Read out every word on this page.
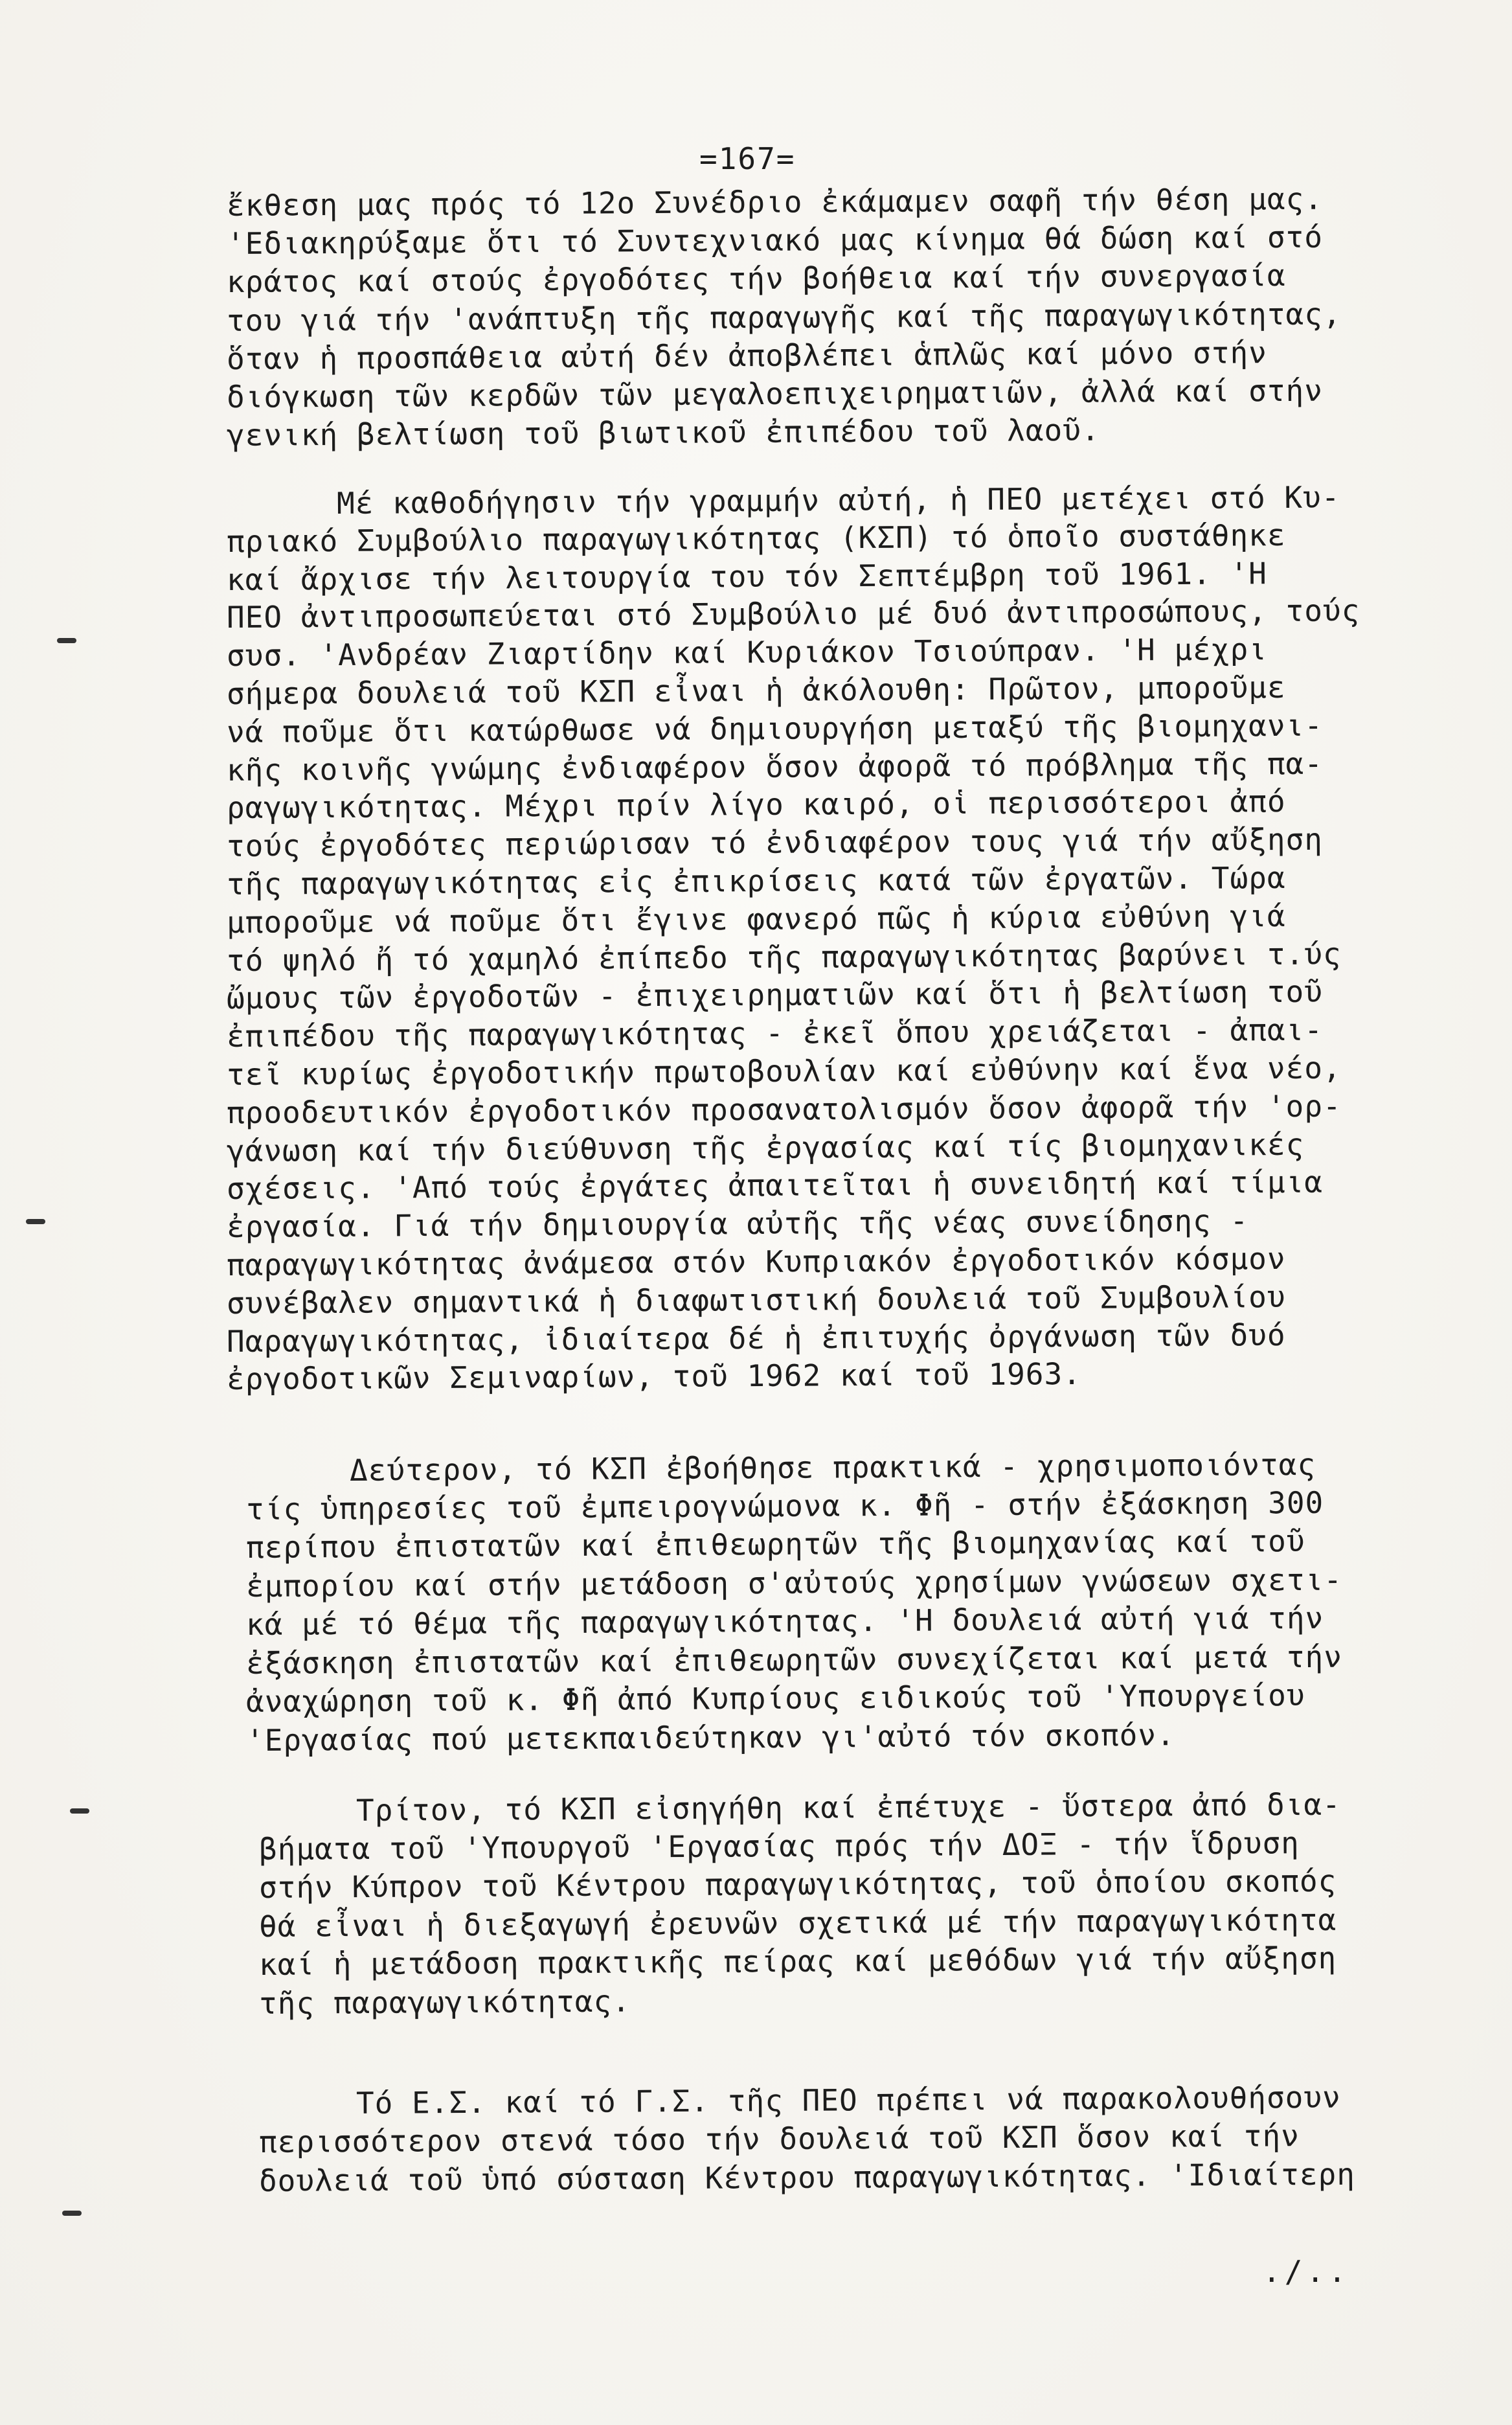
=167=
ἔκθεση μας πρός τό 12ο Συνέδριο ἐκάμαμεν σαφῆ τήν θέση μας.
'Εδιακηρύξαμε ὅτι τό Συντεχνιακό μας κίνημα θά δώση καί στό
κράτος καί στούς ἐργοδότες τήν βοήθεια καί τήν συνεργασία
του γιά τήν 'ανάπτυξη τῆς παραγωγῆς καί τῆς παραγωγικότητας,
ὅταν ἡ προσπάθεια αὐτή δέν ἀποβλέπει ἁπλῶς καί μόνο στήν
διόγκωση τῶν κερδῶν τῶν μεγαλοεπιχειρηματιῶν, ἀλλά καί στήν
γενική βελτίωση τοῦ βιωτικοῦ ἐπιπέδου τοῦ λαοῦ.
Μέ καθοδήγησιν τήν γραμμήν αὐτή, ἡ ΠΕΟ μετέχει στό Κυ-
πριακό Συμβούλιο παραγωγικότητας (ΚΣΠ) τό ὁποῖο συστάθηκε
καί ἄρχισε τήν λειτουργία του τόν Σεπτέμβρη τοῦ 1961. 'Η
ΠΕΟ ἀντιπροσωπεύεται στό Συμβούλιο μέ δυό ἀντιπροσώπους, τούς
συσ. 'Ανδρέαν Ζιαρτίδην καί Κυριάκον Τσιούπραν. 'Η μέχρι
σήμερα δουλειά τοῦ ΚΣΠ εἶναι ἡ ἀκόλουθη: Πρῶτον, μποροῦμε
νά ποῦμε ὅτι κατώρθωσε νά δημιουργήση μεταξύ τῆς βιομηχανι-
κῆς κοινῆς γνώμης ἐνδιαφέρον ὅσον ἀφορᾶ τό πρόβλημα τῆς πα-
ραγωγικότητας. Μέχρι πρίν λίγο καιρό, οἱ περισσότεροι ἀπό
τούς ἐργοδότες περιώρισαν τό ἐνδιαφέρον τους γιά τήν αὔξηση
τῆς παραγωγικότητας εἰς ἐπικρίσεις κατά τῶν ἐργατῶν. Τώρα
μποροῦμε νά ποῦμε ὅτι ἔγινε φανερό πῶς ἡ κύρια εὐθύνη γιά
τό ψηλό ἤ τό χαμηλό ἐπίπεδο τῆς παραγωγικότητας βαρύνει τ.ύς
ὤμους τῶν ἐργοδοτῶν - ἐπιχειρηματιῶν καί ὅτι ἡ βελτίωση τοῦ
ἐπιπέδου τῆς παραγωγικότητας - ἐκεῖ ὅπου χρειάζεται - ἀπαι-
τεῖ κυρίως ἐργοδοτικήν πρωτοβουλίαν καί εὐθύνην καί ἕνα νέο,
προοδευτικόν ἐργοδοτικόν προσανατολισμόν ὅσον ἀφορᾶ τήν 'ορ-
γάνωση καί τήν διεύθυνση τῆς ἐργασίας καί τίς βιομηχανικές
σχέσεις. 'Από τούς ἐργάτες ἀπαιτεῖται ἡ συνειδητή καί τίμια
ἐργασία. Γιά τήν δημιουργία αὐτῆς τῆς νέας συνείδησης -
παραγωγικότητας ἀνάμεσα στόν Κυπριακόν ἐργοδοτικόν κόσμον
συνέβαλεν σημαντικά ἡ διαφωτιστική δουλειά τοῦ Συμβουλίου
Παραγωγικότητας, ἰδιαίτερα δέ ἡ ἐπιτυχής ὀργάνωση τῶν δυό
ἐργοδοτικῶν Σεμιναρίων, τοῦ 1962 καί τοῦ 1963.
Δεύτερον, τό ΚΣΠ ἐβοήθησε πρακτικά - χρησιμοποιόντας
τίς ὑπηρεσίες τοῦ ἐμπειρογνώμονα κ. Φῆ - στήν ἐξάσκηση 300
περίπου ἐπιστατῶν καί ἐπιθεωρητῶν τῆς βιομηχανίας καί τοῦ
ἐμπορίου καί στήν μετάδοση σ'αὐτούς χρησίμων γνώσεων σχετι-
κά μέ τό θέμα τῆς παραγωγικότητας. 'Η δουλειά αὐτή γιά τήν
ἐξάσκηση ἐπιστατῶν καί ἐπιθεωρητῶν συνεχίζεται καί μετά τήν
ἀναχώρηση τοῦ κ. Φῆ ἀπό Κυπρίους ειδικούς τοῦ 'Υπουργείου
'Εργασίας πού μετεκπαιδεύτηκαν γι'αὐτό τόν σκοπόν.
Τρίτον, τό ΚΣΠ εἰσηγήθη καί ἐπέτυχε - ὕστερα ἀπό δια-
βήματα τοῦ 'Υπουργοῦ 'Εργασίας πρός τήν ΔΟΞ - τήν ἵδρυση
στήν Κύπρον τοῦ Κέντρου παραγωγικότητας, τοῦ ὁποίου σκοπός
θά εἶναι ἡ διεξαγωγή ἐρευνῶν σχετικά μέ τήν παραγωγικότητα
καί ἡ μετάδοση πρακτικῆς πείρας καί μεθόδων γιά τήν αὔξηση
τῆς παραγωγικότητας.
Τό Ε.Σ. καί τό Γ.Σ. τῆς ΠΕΟ πρέπει νά παρακολουθήσουν
περισσότερον στενά τόσο τήν δουλειά τοῦ ΚΣΠ ὅσον καί τήν
δουλειά τοῦ ὑπό σύσταση Κέντρου παραγωγικότητας. 'Ιδιαίτερη
./..
